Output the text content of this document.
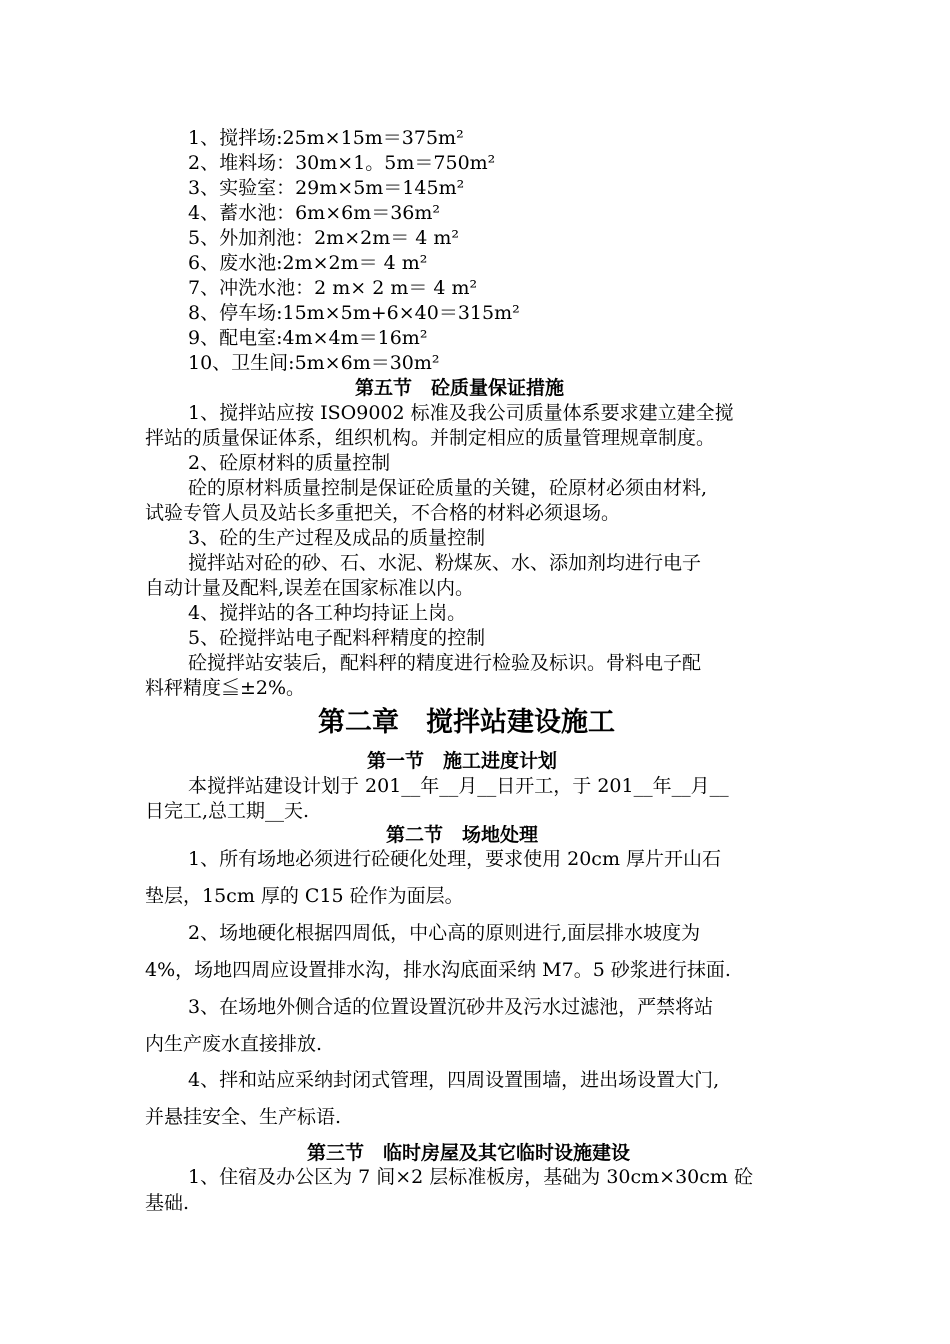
1、搅拌场:25m×15m＝375m²
2、堆料场：30m×1。5m＝750m²
3、实验室：29m×5m＝145m²
4、蓄水池：6m×6m＝36m²
5、外加剂池：2m×2m＝ 4 m²
6、废水池:2m×2m＝ 4 m²
7、冲洗水池：2 m× 2 m＝ 4 m²
8、停车场:15m×5m+6×40＝315m²
9、配电室:4m×4m＝16m²
10、卫生间:5m×6m＝30m²
第五节　砼质量保证措施
1、搅拌站应按 ISO9002 标准及我公司质量体系要求建立建全搅
拌站的质量保证体系，组织机构。并制定相应的质量管理规章制度。
2、砼原材料的质量控制
砼的原材料质量控制是保证砼质量的关键，砼原材必须由材料,
试验专管人员及站长多重把关，不合格的材料必须退场。
3、砼的生产过程及成品的质量控制
搅拌站对砼的砂、石、水泥、粉煤灰、水、添加剂均进行电子
自动计量及配料,误差在国家标准以内。
4、搅拌站的各工种均持证上岗。
5、砼搅拌站电子配料秤精度的控制
砼搅拌站安装后，配料秤的精度进行检验及标识。骨料电子配
料秤精度≦±2%。
第二章　搅拌站建设施工
第一节　施工进度计划
本搅拌站建设计划于 201__年__月__日开工，于 201__年__月__
日完工,总工期__天.
第二节　场地处理
1、所有场地必须进行砼硬化处理，要求使用 20cm 厚片开山石
垫层，15cm 厚的 C15 砼作为面层。
2、场地硬化根据四周低，中心高的原则进行,面层排水坡度为
4%，场地四周应设置排水沟，排水沟底面采纳 M7。5 砂浆进行抹面.
3、在场地外侧合适的位置设置沉砂井及污水过滤池，严禁将站
内生产废水直接排放.
4、拌和站应采纳封闭式管理，四周设置围墙，进出场设置大门,
并悬挂安全、生产标语.
第三节　临时房屋及其它临时设施建设
1、住宿及办公区为 7 间×2 层标准板房，基础为 30cm×30cm 砼
基础.
